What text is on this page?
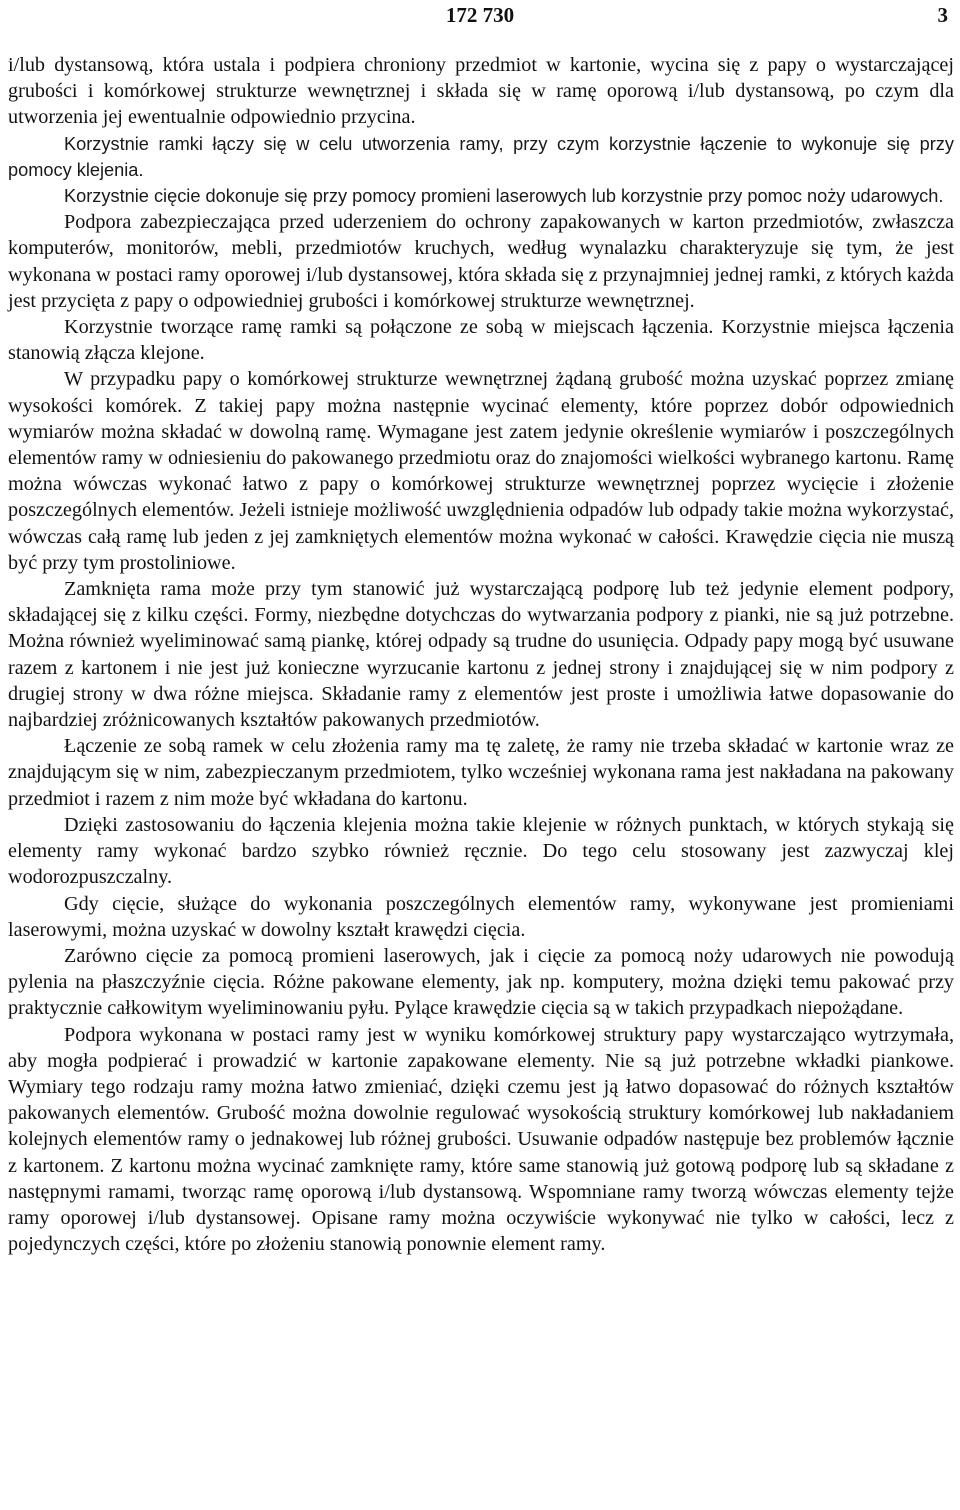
172 730	3

i/lub dystansową, która ustala i podpiera chroniony przedmiot w kartonie, wycina się z papy o wystarczającej grubości i komórkowej strukturze wewnętrznej i składa się w ramę oporową i/lub dystansową, po czym dla utworzenia jej ewentualnie odpowiednio przycina.

Korzystnie ramki łączy się w celu utworzenia ramy, przy czym korzystnie łączenie to wykonuje się przy pomocy klejenia.

Korzystnie cięcie dokonuje się przy pomocy promieni laserowych lub korzystnie przy pomoc noży udarowych.

Podpora zabezpieczająca przed uderzeniem do ochrony zapakowanych w karton przedmiotów, zwłaszcza komputerów, monitorów, mebli, przedmiotów kruchych, według wynalazku charakteryzuje się tym, że jest wykonana w postaci ramy oporowej i/lub dystansowej, która składa się z przynajmniej jednej ramki, z których każda jest przycięta z papy o odpowiedniej grubości i komórkowej strukturze wewnętrznej.

Korzystnie tworzące ramę ramki są połączone ze sobą w miejscach łączenia. Korzystnie miejsca łączenia stanowią złącza klejone.

W przypadku papy o komórkowej strukturze wewnętrznej żądaną grubość można uzyskać poprzez zmianę wysokości komórek. Z takiej papy można następnie wycinać elementy, które poprzez dobór odpowiednich wymiarów można składać w dowolną ramę. Wymagane jest zatem jedynie określenie wymiarów i poszczególnych elementów ramy w odniesieniu do pakowanego przedmiotu oraz do znajomości wielkości wybranego kartonu. Ramę można wówczas wykonać łatwo z papy o komórkowej strukturze wewnętrznej poprzez wycięcie i złożenie poszczególnych elementów. Jeżeli istnieje możliwość uwzględnienia odpadów lub odpady takie można wykorzystać, wówczas całą ramę lub jeden z jej zamkniętych elementów można wykonać w całości. Krawędzie cięcia nie muszą być przy tym prostoliniowe.

Zamknięta rama może przy tym stanowić już wystarczającą podporę lub też jedynie element podpory, składającej się z kilku części. Formy, niezbędne dotychczas do wytwarzania podpory z pianki, nie są już potrzebne. Można również wyeliminować samą piankę, której odpady są trudne do usunięcia. Odpady papy mogą być usuwane razem z kartonem i nie jest już konieczne wyrzucanie kartonu z jednej strony i znajdującej się w nim podpory z drugiej strony w dwa różne miejsca. Składanie ramy z elementów jest proste i umożliwia łatwe dopasowanie do najbardziej zróżnicowanych kształtów pakowanych przedmiotów.

Łączenie ze sobą ramek w celu złożenia ramy ma tę zaletę, że ramy nie trzeba składać w kartonie wraz ze znajdującym się w nim, zabezpieczanym przedmiotem, tylko wcześniej wykonana rama jest nakładana na pakowany przedmiot i razem z nim może być wkładana do kartonu.

Dzięki zastosowaniu do łączenia klejenia można takie klejenie w różnych punktach, w których stykają się elementy ramy wykonać bardzo szybko również ręcznie. Do tego celu stosowany jest zazwyczaj klej wodorozpuszczalny.

Gdy cięcie, służące do wykonania poszczególnych elementów ramy, wykonywane jest promieniami laserowymi, można uzyskać w dowolny kształt krawędzi cięcia.

Zarówno cięcie za pomocą promieni laserowych, jak i cięcie za pomocą noży udarowych nie powodują pylenia na płaszczyźnie cięcia. Różne pakowane elementy, jak np. komputery, można dzięki temu pakować przy praktycznie całkowitym wyeliminowaniu pyłu. Pylące krawędzie cięcia są w takich przypadkach niepożądane.

Podpora wykonana w postaci ramy jest w wyniku komórkowej struktury papy wystarczająco wytrzymała, aby mogła podpierać i prowadzić w kartonie zapakowane elementy. Nie są już potrzebne wkładki piankowe. Wymiary tego rodzaju ramy można łatwo zmieniać, dzięki czemu jest ją łatwo dopasować do różnych kształtów pakowanych elementów. Grubość można dowolnie regulować wysokością struktury komórkowej lub nakładaniem kolejnych elementów ramy o jednakowej lub różnej grubości. Usuwanie odpadów następuje bez problemów łącznie z kartonem. Z kartonu można wycinać zamknięte ramy, które same stanowią już gotową podporę lub są składane z następnymi ramami, tworząc ramę oporową i/lub dystansową. Wspomniane ramy tworzą wówczas elementy tejże ramy oporowej i/lub dystansowej. Opisane ramy można oczywiście wykonywać nie tylko w całości, lecz z pojedynczych części, które po złożeniu stanowią ponownie element ramy.
